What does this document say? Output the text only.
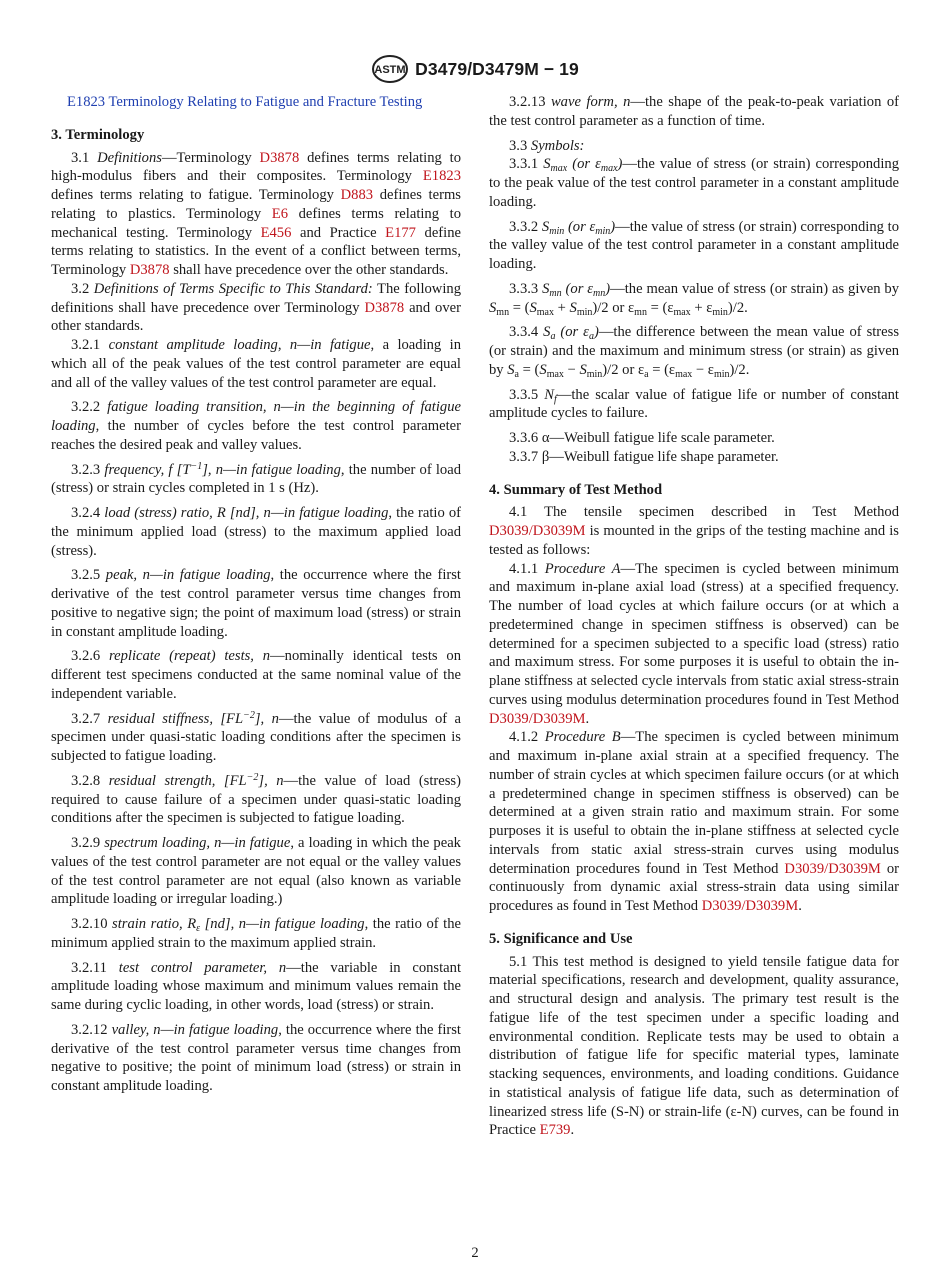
ASTM D3479/D3479M − 19

E1823 Terminology Relating to Fatigue and Fracture Testing

3. Terminology

3.1 Definitions—Terminology D3878 defines terms relating to high-modulus fibers and their composites. Terminology E1823 defines terms relating to fatigue. Terminology D883 defines terms relating to plastics. Terminology E6 defines terms relating to mechanical testing. Terminology E456 and Practice E177 define terms relating to statistics. In the event of a conflict between terms, Terminology D3878 shall have precedence over the other standards.

3.2 Definitions of Terms Specific to This Standard: The following definitions shall have precedence over Terminology D3878 and over other standards.

3.2.1 constant amplitude loading, n—in fatigue, a loading in which all of the peak values of the test control parameter are equal and all of the valley values of the test control parameter are equal.

3.2.2 fatigue loading transition, n—in the beginning of fatigue loading, the number of cycles before the test control parameter reaches the desired peak and valley values.

3.2.3 frequency, f $[T^{-1}]$, n—in fatigue loading, the number of load (stress) or strain cycles completed in 1 s (Hz).

3.2.4 load (stress) ratio, R [nd], n—in fatigue loading, the ratio of the minimum applied load (stress) to the maximum applied load (stress).

3.2.5 peak, n—in fatigue loading, the occurrence where the first derivative of the test control parameter versus time changes from positive to negative sign; the point of maximum load (stress) or strain in constant amplitude loading.

3.2.6 replicate (repeat) tests, n—nominally identical tests on different test specimens conducted at the same nominal value of the independent variable.

3.2.7 residual stiffness, $[FL^{-2}]$, n—the value of modulus of a specimen under quasi-static loading conditions after the specimen is subjected to fatigue loading.

3.2.8 residual strength, $[FL^{-2}]$, n—the value of load (stress) required to cause failure of a specimen under quasi-static loading conditions after the specimen is subjected to fatigue loading.

3.2.9 spectrum loading, n—in fatigue, a loading in which the peak values of the test control parameter are not equal or the valley values of the test control parameter are not equal (also known as variable amplitude loading or irregular loading.)

3.2.10 strain ratio, $R_\varepsilon$ [nd], n—in fatigue loading, the ratio of the minimum applied strain to the maximum applied strain.

3.2.11 test control parameter, n—the variable in constant amplitude loading whose maximum and minimum values remain the same during cyclic loading, in other words, load (stress) or strain.

3.2.12 valley, n—in fatigue loading, the occurrence where the first derivative of the test control parameter versus time changes from negative to positive; the point of minimum load (stress) or strain in constant amplitude loading.

3.2.13 wave form, n—the shape of the peak-to-peak variation of the test control parameter as a function of time.

3.3 Symbols:

3.3.1 $S_{max}$ (or $\varepsilon_{max})—the$ value of stress (or strain) corresponding to the peak value of the test control parameter in a constant amplitude loading.

3.3.2 $S_{min}$ (or $\varepsilon_{min})—the$ value of stress (or strain) corresponding to the valley value of the test control parameter in a constant amplitude loading.

3.3.3 $S_{mn}$ (or $\varepsilon_{mn})—the$ mean value of stress (or strain) as given by $S_{mn} = (S_{max} + S_{min})/2$ or $\varepsilon_{mn} = (\varepsilon_{max} + \varepsilon_{min})/2$.

3.3.4 $S_a$ (or $\varepsilon_a)—the$ difference between the mean value of stress (or strain) and the maximum and minimum stress (or strain) as given by $S_a = (S_{max} - S_{min})/2$ or $\varepsilon_a = (\varepsilon_{max} - \varepsilon_{min})/2$.

3.3.5 $N_f—the$ scalar value of fatigue life or number of constant amplitude cycles to failure.

3.3.6 α—Weibull fatigue life scale parameter.

3.3.7 β—Weibull fatigue life shape parameter.

4. Summary of Test Method

4.1 The tensile specimen described in Test Method D3039/D3039M is mounted in the grips of the testing machine and is tested as follows:

4.1.1 Procedure A—The specimen is cycled between minimum and maximum in-plane axial load (stress) at a specified frequency. The number of load cycles at which failure occurs (or at which a predetermined change in specimen stiffness is observed) can be determined for a specimen subjected to a specific load (stress) ratio and maximum stress. For some purposes it is useful to obtain the in-plane stiffness at selected cycle intervals from static axial stress-strain curves using modulus determination procedures found in Test Method D3039/D3039M.

4.1.2 Procedure B—The specimen is cycled between minimum and maximum in-plane axial strain at a specified frequency. The number of strain cycles at which specimen failure occurs (or at which a predetermined change in specimen stiffness is observed) can be determined at a given strain ratio and maximum strain. For some purposes it is useful to obtain the in-plane stiffness at selected cycle intervals from static axial stress-strain curves using modulus determination procedures found in Test Method D3039/D3039M or continuously from dynamic axial stress-strain data using similar procedures as found in Test Method D3039/D3039M.

5. Significance and Use

5.1 This test method is designed to yield tensile fatigue data for material specifications, research and development, quality assurance, and structural design and analysis. The primary test result is the fatigue life of the test specimen under a specific loading and environmental condition. Replicate tests may be used to obtain a distribution of fatigue life for specific material types, laminate stacking sequences, environments, and loading conditions. Guidance in statistical analysis of fatigue life data, such as determination of linearized stress life (S-N) or strain-life (ε-N) curves, can be found in Practice E739.

2
